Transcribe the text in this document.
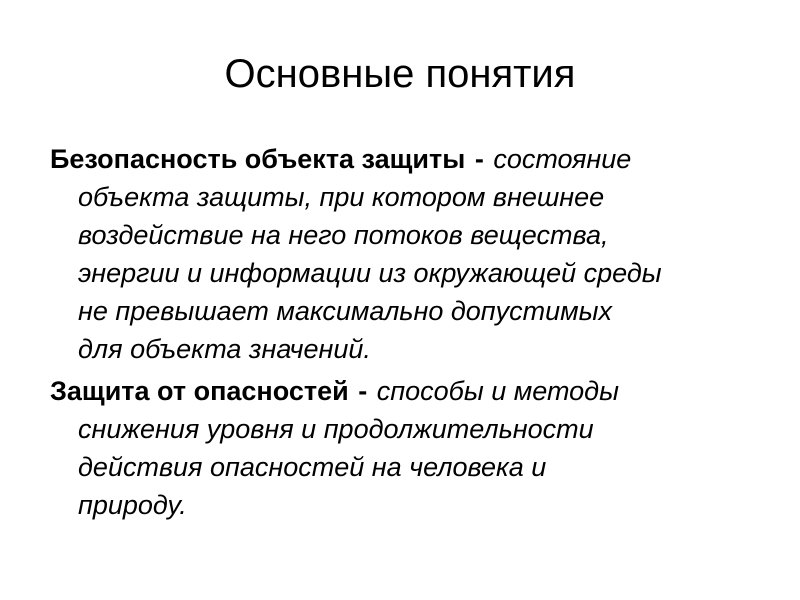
Основные понятия

Безопасность объекта защиты - состояние
объекта защиты, при котором внешнее
воздействие на него потоков вещества,
энергии и информации из окружающей среды
не превышает максимально допустимых
для объекта значений.

Защита от опасностей - способы и методы
снижения уровня и продолжительности
действия опасностей на человека и
природу.
